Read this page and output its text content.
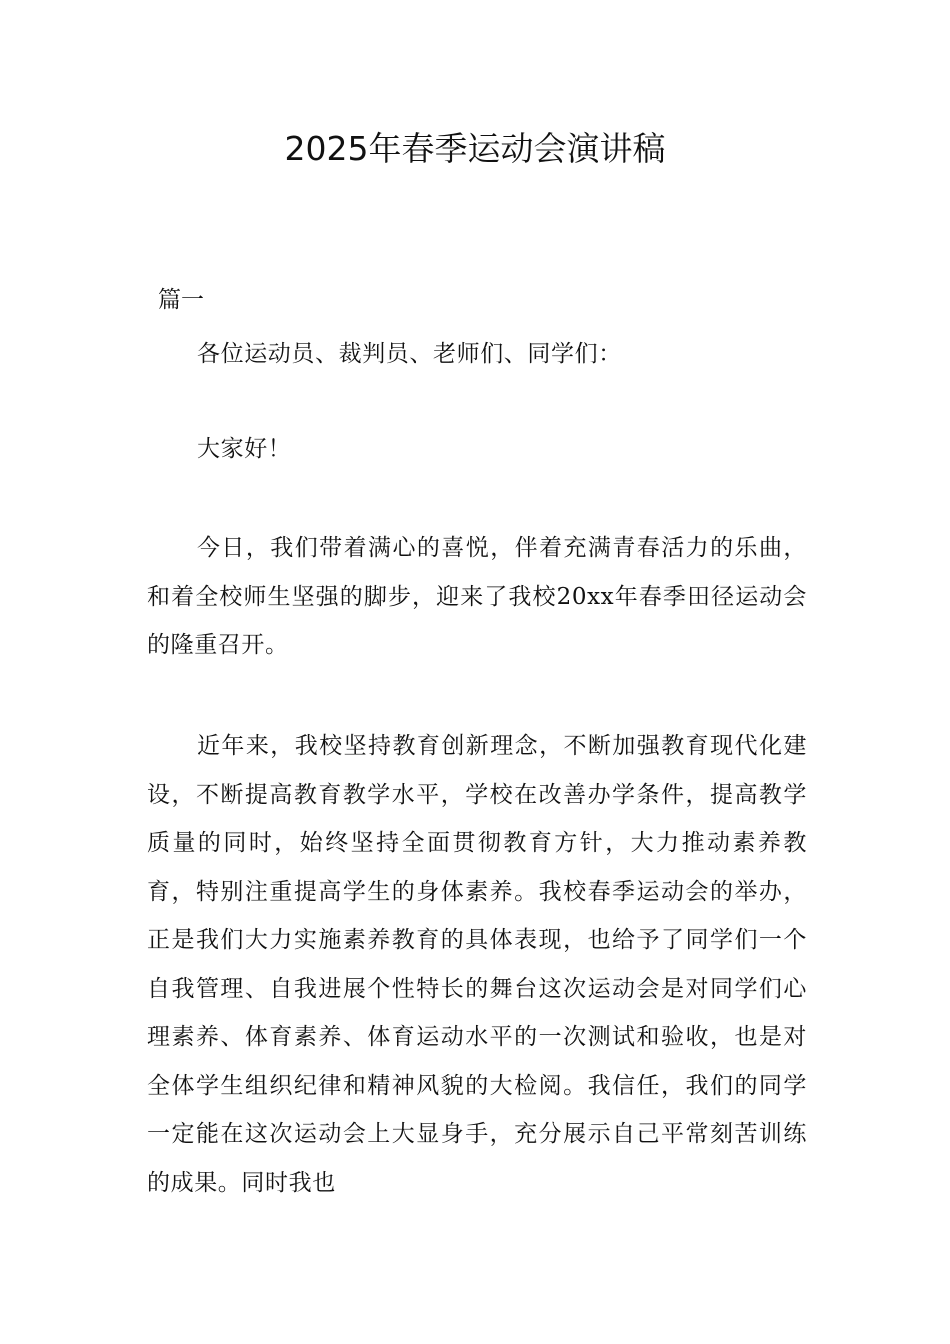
2025年春季运动会演讲稿
篇一
各位运动员、裁判员、老师们、同学们：
大家好！
今日，我们带着满心的喜悦，伴着充满青春活力的乐曲，和着全校师生坚强的脚步，迎来了我校20xx年春季田径运动会的隆重召开。
近年来，我校坚持教育创新理念，不断加强教育现代化建设，不断提高教育教学水平，学校在改善办学条件，提高教学质量的同时，始终坚持全面贯彻教育方针，大力推动素养教育，特别注重提高学生的身体素养。我校春季运动会的举办，正是我们大力实施素养教育的具体表现，也给予了同学们一个自我管理、自我进展个性特长的舞台这次运动会是对同学们心理素养、体育素养、体育运动水平的一次测试和验收，也是对全体学生组织纪律和精神风貌的大检阅。我信任，我们的同学一定能在这次运动会上大显身手，充分展示自己平常刻苦训练的成果。同时我也
